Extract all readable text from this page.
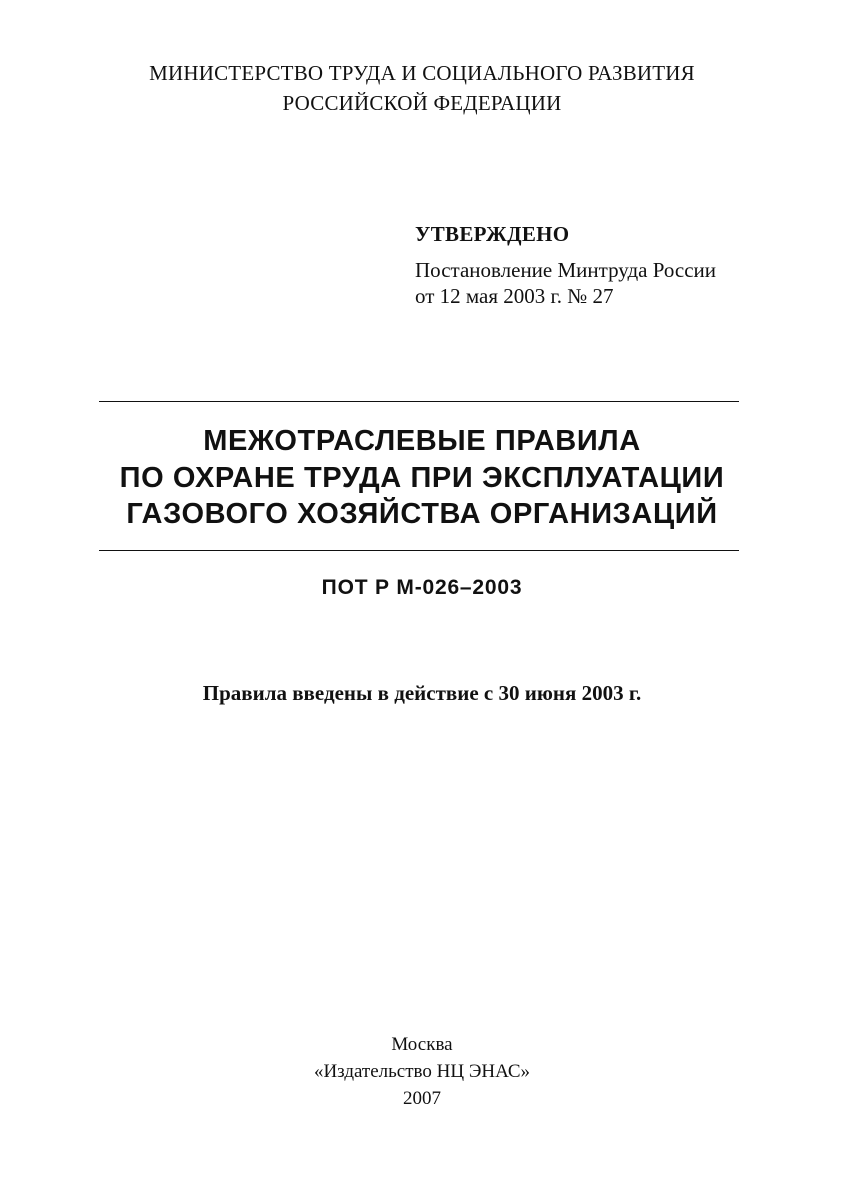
МИНИСТЕРСТВО ТРУДА И СОЦИАЛЬНОГО РАЗВИТИЯ
РОССИЙСКОЙ ФЕДЕРАЦИИ
УТВЕРЖДЕНО
Постановление Минтруда России
от 12 мая 2003 г. № 27
МЕЖОТРАСЛЕВЫЕ ПРАВИЛА
ПО ОХРАНЕ ТРУДА ПРИ ЭКСПЛУАТАЦИИ
ГАЗОВОГО ХОЗЯЙСТВА ОРГАНИЗАЦИЙ
ПОТ Р М-026–2003
Правила введены в действие с 30 июня 2003 г.
Москва
«Издательство НЦ ЭНАС»
2007
